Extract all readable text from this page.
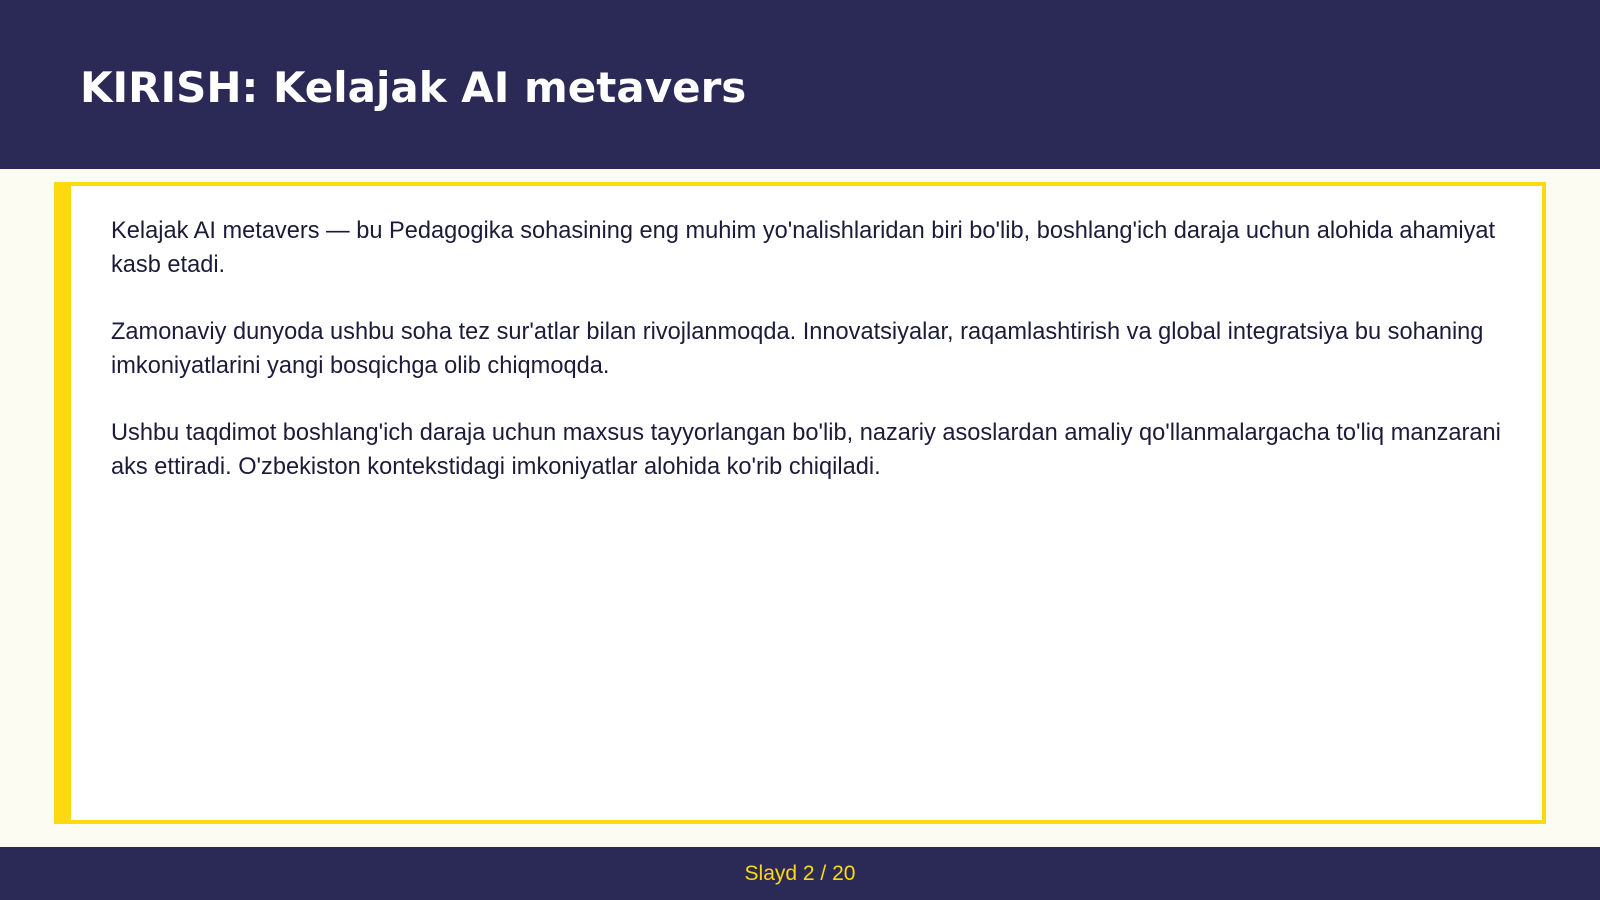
KIRISH: Kelajak AI metavers

Kelajak AI metavers — bu Pedagogika sohasining eng muhim yo'nalishlaridan biri bo'lib, boshlang'ich daraja uchun alohida ahamiyat kasb etadi.

Zamonaviy dunyoda ushbu soha tez sur'atlar bilan rivojlanmoqda. Innovatsiyalar, raqamlashtirish va global integratsiya bu sohaning imkoniyatlarini yangi bosqichga olib chiqmoqda.

Ushbu taqdimot boshlang'ich daraja uchun maxsus tayyorlangan bo'lib, nazariy asoslardan amaliy qo'llanmalargacha to'liq manzarani aks ettiradi. O'zbekiston kontekstidagi imkoniyatlar alohida ko'rib chiqiladi.

Slayd 2 / 20
